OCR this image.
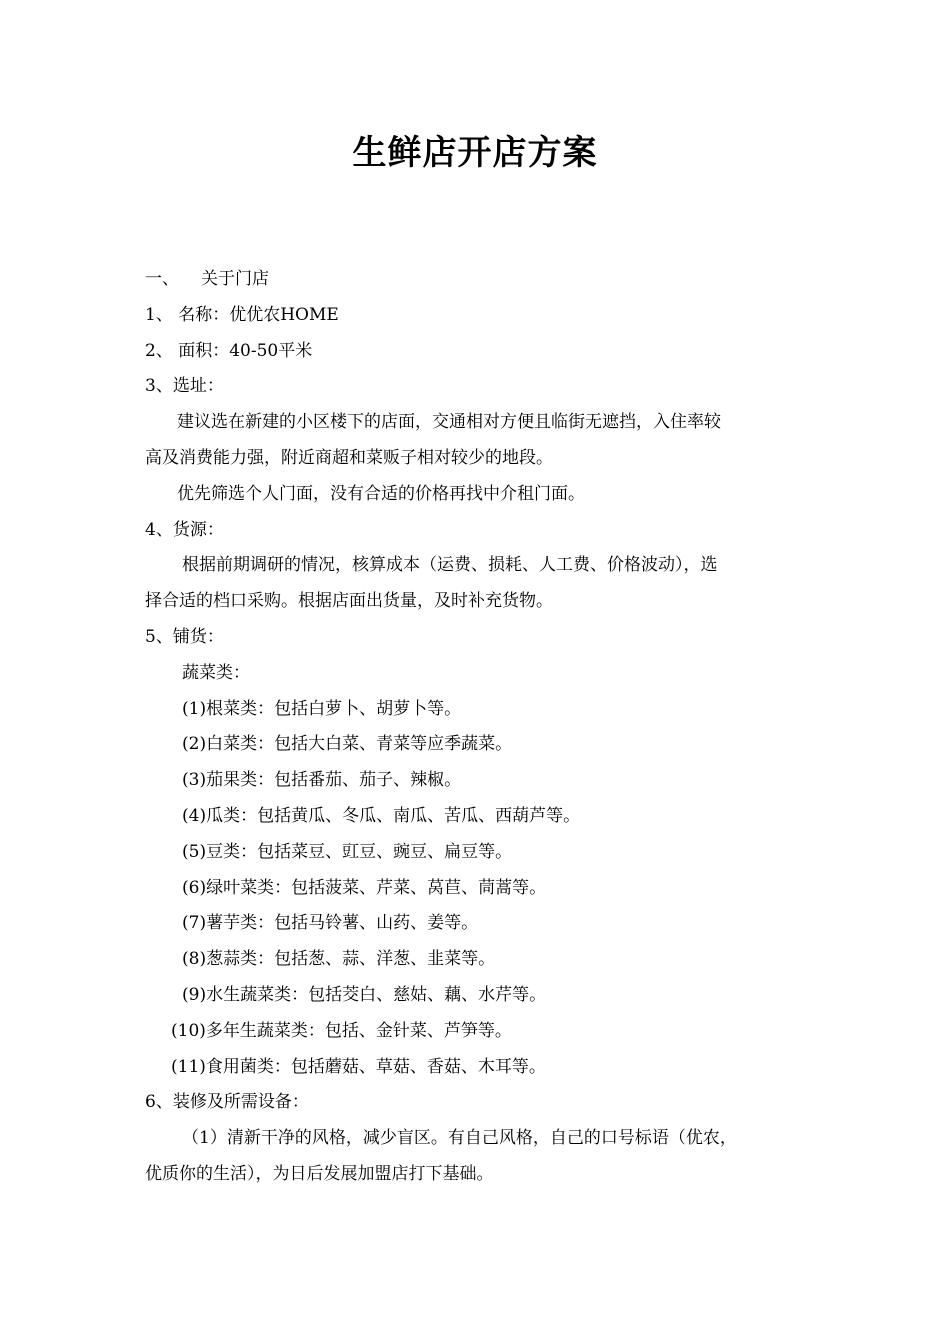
生鲜店开店方案
一、 关于门店
1、 名称：优优农HOME
2、 面积：40-50平米
3、选址：
建议选在新建的小区楼下的店面，交通相对方便且临街无遮挡，入住率较
高及消费能力强，附近商超和菜贩子相对较少的地段。
优先筛选个人门面，没有合适的价格再找中介租门面。
4、货源：
根据前期调研的情况，核算成本（运费、损耗、人工费、价格波动），选
择合适的档口采购。根据店面出货量，及时补充货物。
5、铺货：
蔬菜类：
(1)根菜类：包括白萝卜、胡萝卜等。
(2)白菜类：包括大白菜、青菜等应季蔬菜。
(3)茄果类：包括番茄、茄子、辣椒。
(4)瓜类：包括黄瓜、冬瓜、南瓜、苦瓜、西葫芦等。
(5)豆类：包括菜豆、豇豆、豌豆、扁豆等。
(6)绿叶菜类：包括菠菜、芹菜、莴苣、茼蒿等。
(7)薯芋类：包括马铃薯、山药、姜等。
(8)葱蒜类：包括葱、蒜、洋葱、韭菜等。
(9)水生蔬菜类：包括茭白、慈姑、藕、水芹等。
(10)多年生蔬菜类：包括、金针菜、芦笋等。
(11)食用菌类：包括蘑菇、草菇、香菇、木耳等。
6、装修及所需设备：
（1）清新干净的风格，减少盲区。有自己风格，自己的口号标语（优农，
优质你的生活），为日后发展加盟店打下基础。
